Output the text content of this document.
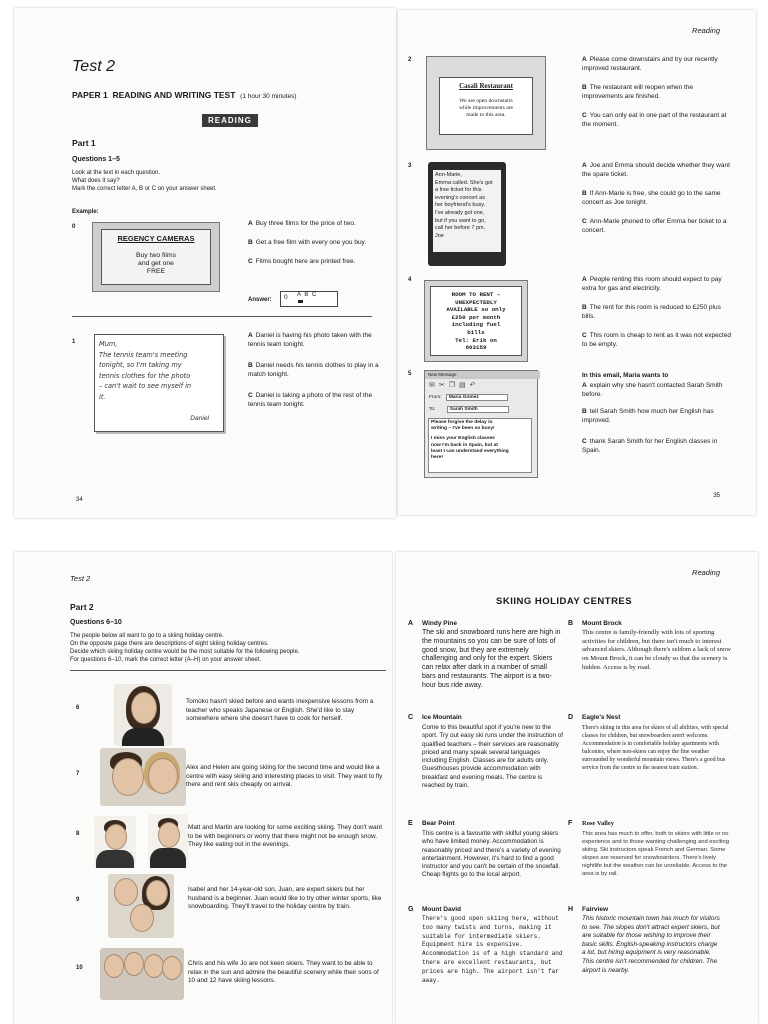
Test 2
PAPER 1 READING AND WRITING TEST (1 hour 30 minutes)
READING
Part 1
Questions 1–5
Look at the text in each question.
What does it say?
Mark the correct letter A, B or C on your answer sheet.
Example:
0
REGENCY CAMERAS
Buy two films
and get one
FREE
A Buy three films for the price of two.
B Get a free film with every one you buy.
C Films bought here are printed free.
Answer: 0 A B C
1	Mum,
The tennis team's meeting
tonight, so I'm taking my
tennis clothes for the photo
– can't wait to see myself in
it.
Daniel
A Daniel is having his photo taken with the tennis team tonight.
B Daniel needs his tennis clothes to play in a match tonight.
C Daniel is taking a photo of the rest of the tennis team tonight.
34
Reading
2
Casali Restaurant
We are open downstairs
while improvements are
made to this area.
A Please come downstairs and try our recently improved restaurant.
B The restaurant will reopen when the improvements are finished.
C You can only eat in one part of the restaurant at the moment.
3
Ann-Marie,
Emma called. She's got
a free ticket for this
evening's concert as
her boyfriend's busy.
I've already got one,
but if you want to go,
call her before 7 pm.
Joe
A Joe and Emma should decide whether they want the spare ticket.
B If Ann-Marie is free, she could go to the same concert as Joe tonight.
C Ann-Marie phoned to offer Emma her ticket to a concert.
4
ROOM TO RENT –
UNEXPECTEDLY
AVAILABLE so only
£250 per month
including fuel
bills
Tel: Erik on
663159
A People renting this room should expect to pay extra for gas and electricity.
B The rent for this room is reduced to £250 plus bills.
C This room is cheap to rent as it was not expected to be empty.
5	New Message
✉✂❐▤↶
From: Maria Gomez
To:	Sarah Smith
Please forgive the delay in
writing – I've been so busy!
I miss your English classes
now I'm back in Spain, but at
least I can understand everything
here!
In this email, Maria wants to
A explain why she hasn't contacted Sarah Smith before.
B tell Sarah Smith how much her English has improved.
C thank Sarah Smith for her English classes in Spain.
35
Test 2
Part 2
Questions 6–10
The people below all want to go to a skiing holiday centre.
On the opposite page there are descriptions of eight skiing holiday centres.
Decide which skiing holiday centre would be the most suitable for the following people.
For questions 6–10, mark the correct letter (A–H) on your answer sheet.
6
Tomoko hasn't skied before and wants inexpensive lessons from a teacher who speaks Japanese or English. She'd like to stay somewhere where she doesn't have to cook for herself.
7
Alex and Helen are going skiing for the second time and would like a centre with easy skiing and interesting places to visit. They want to fly there and rent skis cheaply on arrival.
8
Matt and Martin are looking for some exciting skiing. They don't want to be with beginners or worry that there might not be enough snow. They like eating out in the evenings.
9
Isabel and her 14-year-old son, Juan, are expert skiers but her husband is a beginner. Juan would like to try other winter sports, like snowboarding. They'll travel to the holiday centre by train.
10
Chris and his wife Jo are not keen skiers. They want to be able to relax in the sun and admire the beautiful scenery while their sons of 10 and 12 have skiing lessons.
Reading
SKIING HOLIDAY CENTRES
A Windy Pine
The ski and snowboard runs here are high in the mountains so you can be sure of lots of good snow, but they are extremely challenging and only for the expert. Skiers can relax after dark in a number of small bars and restaurants. The airport is a two-hour bus ride away.
B Mount Brock
This centre is family-friendly with lots of sporting activities for children, but there isn't much to interest advanced skiers. Although there's seldom a lack of snow on Mount Brock, it can be cloudy so that the scenery is hidden. Access is by road.
C Ice Mountain
Come to this beautiful spot if you're new to the sport. Try out easy ski runs under the instruction of qualified teachers – their services are reasonably priced and many speak several languages including English. Classes are for adults only. Guesthouses provide accommodation with breakfast and evening meals. The centre is reached by train.
D Eagle's Nest
There's skiing in this area for skiers of all abilities, with special classes for children, but snowboarders aren't welcome. Accommodation is in comfortable holiday apartments with balconies, where non-skiers can enjoy the fine weather surrounded by wonderful mountain views. There's a good bus service from the centre to the nearest train station.
E Bear Point
This centre is a favourite with skilful young skiers who have limited money. Accommodation is reasonably priced and there's a variety of evening entertainment. However, it's hard to find a good instructor and you can't be certain of the snowfall. Cheap flights go to the local airport.
F Rose Valley
This area has much to offer, both to skiers with little or no experience and to those wanting challenging and exciting skiing. Ski instructors speak French and German. Some slopes are reserved for snowboarders. There's lively nightlife but the weather can be unreliable. Access to the area is by rail.
G Mount David
There's good open skiing here, without too many twists and turns, making it suitable for intermediate skiers. Equipment hire is expensive. Accommodation is of a high standard and there are excellent restaurants, but prices are high. The airport isn't far away.
H Fairview
This historic mountain town has much for visitors to see. The slopes don't attract expert skiers, but are suitable for those wishing to improve their basic skills. English-speaking instructors charge a lot, but hiring equipment is very reasonable. This centre isn't recommended for children. The airport is nearby.
